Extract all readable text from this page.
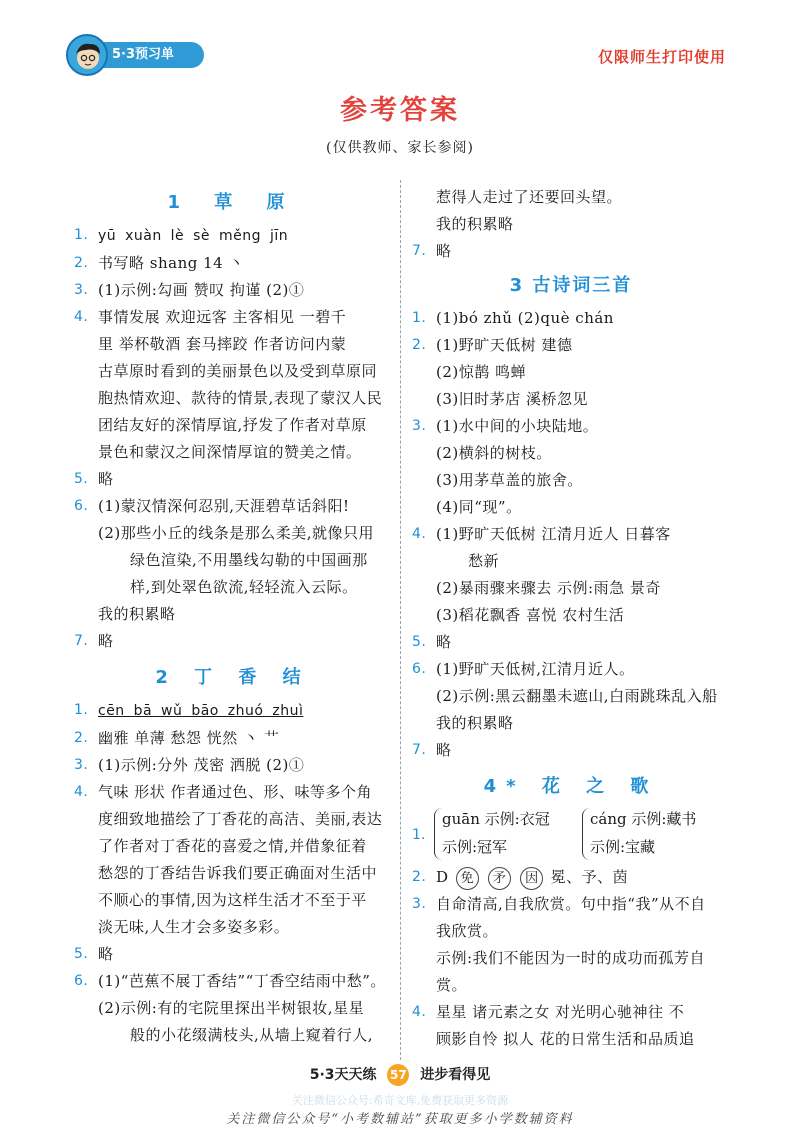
5·3预习单	仅限师生打印使用
参考答案
(仅供教师、家长参阅)
1 草 原
1. yū xuàn lè sè měng jīn
2. 书写略 shang 14 丶
3. (1)示例:勾画 赞叹 拘谨 (2)①
4. 事情发展 欢迎远客 主客相见 一碧千
里 举杯敬酒 套马摔跤 作者访问内蒙
古草原时看到的美丽景色以及受到草原同
胞热情欢迎、款待的情景,表现了蒙汉人民
团结友好的深情厚谊,抒发了作者对草原
景色和蒙汉之间深情厚谊的赞美之情。
5. 略
6. (1)蒙汉情深何忍别,天涯碧草话斜阳!
(2)那些小丘的线条是那么柔美,就像只用
绿色渲染,不用墨线勾勒的中国画那
样,到处翠色欲流,轻轻流入云际。
我的积累略
7. 略
2 丁 香 结
1. cēn bā wǔ bāo zhuó zhuì
2. 幽雅 单薄 愁怨 恍然 丶 艹
3. (1)示例:分外 茂密 洒脱 (2)①
4. 气味 形状 作者通过色、形、味等多个角
度细致地描绘了丁香花的高洁、美丽,表达
了作者对丁香花的喜爱之情,并借象征着
愁怨的丁香结告诉我们要正确面对生活中
不顺心的事情,因为这样生活才不至于平
淡无味,人生才会多姿多彩。
5. 略
6. (1)“芭蕉不展丁香结”“丁香空结雨中愁”。
(2)示例:有的宅院里探出半树银妆,星星
般的小花缀满枝头,从墙上窥着行人,
惹得人走过了还要回头望。
我的积累略
7. 略
3 古诗词三首
1. (1)bó zhǔ (2)què chán
2. (1)野旷天低树 建德
(2)惊鹊 鸣蝉
(3)旧时茅店 溪桥忽见
3. (1)水中间的小块陆地。
(2)横斜的树枝。
(3)用茅草盖的旅舍。
(4)同“现”。
4. (1)野旷天低树 江清月近人 日暮客
愁新
(2)暴雨骤来骤去 示例:雨急 景奇
(3)稻花飘香 喜悦 农村生活
5. 略
6. (1)野旷天低树,江清月近人。
(2)示例:黑云翻墨未遮山,白雨跳珠乱入船
我的积累略
7. 略
4* 花 之 歌
1.
guān 示例:衣冠
示例:冠军
cáng 示例:藏书
示例:宝藏
2. D 免 矛 因 冕、予、茵
3. 自命清高,自我欣赏。句中指“我”从不自
我欣赏。
示例:我们不能因为一时的成功而孤芳自赏。
4. 星星 诸元素之女 对光明心驰神往 不
顾影自怜 拟人 花的日常生活和品质追
5·3天天练 57 进步看得见
关注微信公众号:希奇文库,免费获取更多资源
关注微信公众号“小考数辅站”获取更多小学数辅资料
